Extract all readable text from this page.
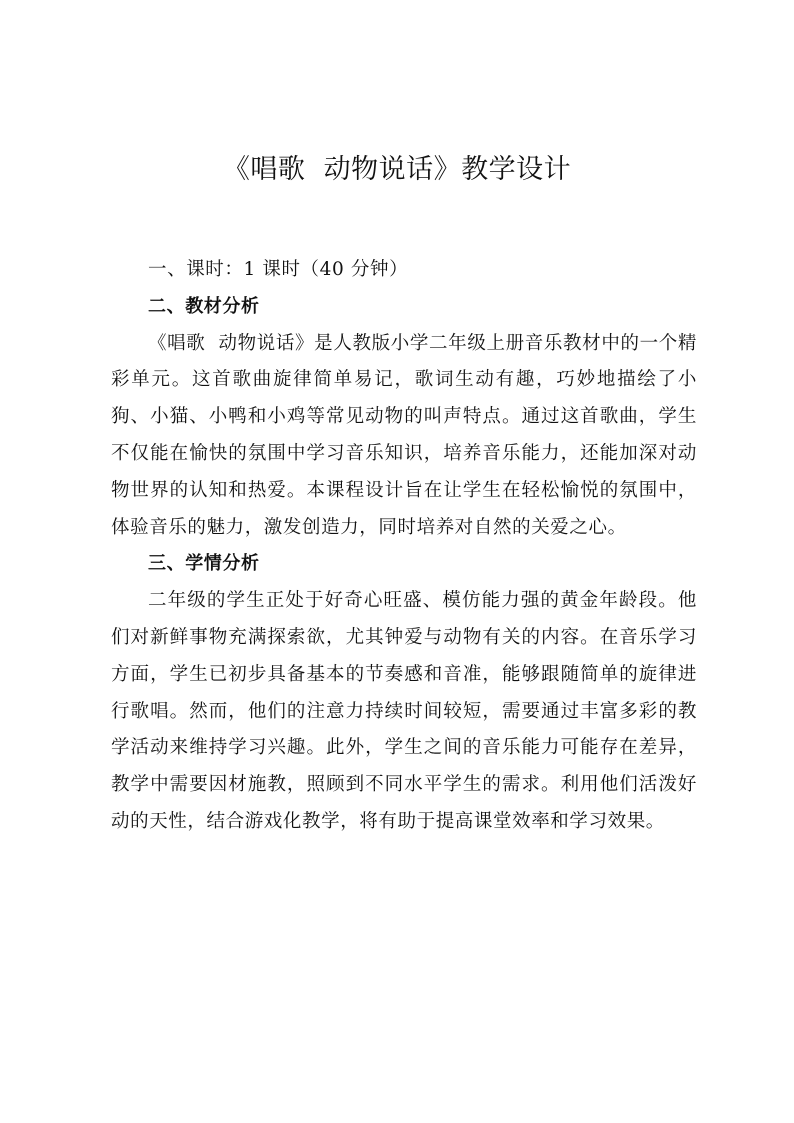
《唱歌  动物说话》教学设计

一、课时：1 课时（40 分钟）

二、教材分析

《唱歌  动物说话》是人教版小学二年级上册音乐教材中的一个精彩单元。这首歌曲旋律简单易记，歌词生动有趣，巧妙地描绘了小狗、小猫、小鸭和小鸡等常见动物的叫声特点。通过这首歌曲，学生不仅能在愉快的氛围中学习音乐知识，培养音乐能力，还能加深对动物世界的认知和热爱。本课程设计旨在让学生在轻松愉悦的氛围中，体验音乐的魅力，激发创造力，同时培养对自然的关爱之心。

三、学情分析

二年级的学生正处于好奇心旺盛、模仿能力强的黄金年龄段。他们对新鲜事物充满探索欲，尤其钟爱与动物有关的内容。在音乐学习方面，学生已初步具备基本的节奏感和音准，能够跟随简单的旋律进行歌唱。然而，他们的注意力持续时间较短，需要通过丰富多彩的教学活动来维持学习兴趣。此外，学生之间的音乐能力可能存在差异，教学中需要因材施教，照顾到不同水平学生的需求。利用他们活泼好动的天性，结合游戏化教学，将有助于提高课堂效率和学习效果。
